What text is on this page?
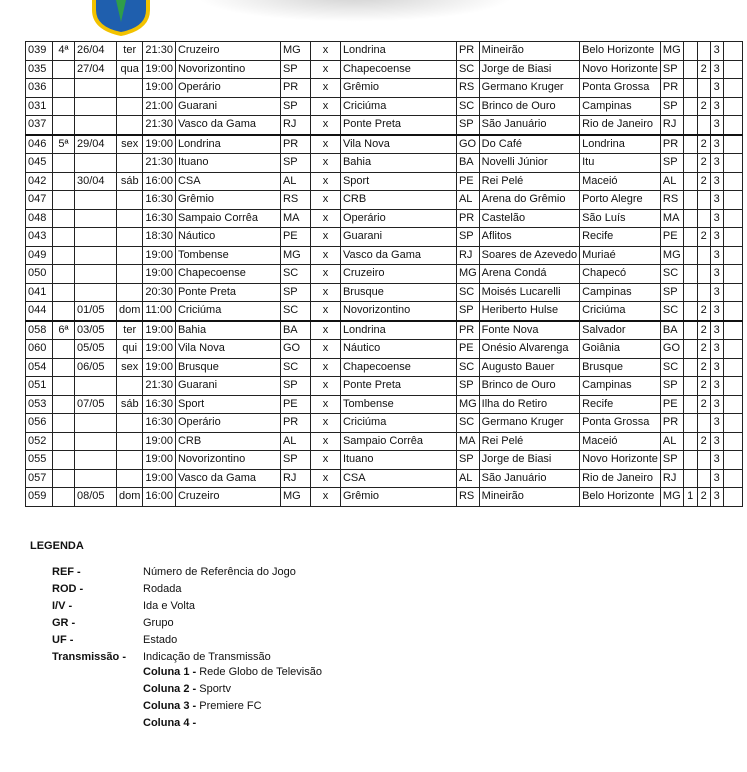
039	4ª	26/04	ter	21:30	Cruzeiro	MG	x	Londrina	PR	Mineirão	Belo Horizonte	MG			3	
035		27/04	qua	19:00	Novorizontino	SP	x	Chapecoense	SC	Jorge de Biasi	Novo Horizonte	SP		2	3	
036				19:00	Operário	PR	x	Grêmio	RS	Germano Kruger	Ponta Grossa	PR			3	
031				21:00	Guarani	SP	x	Criciúma	SC	Brinco de Ouro	Campinas	SP		2	3	
037				21:30	Vasco da Gama	RJ	x	Ponte Preta	SP	São Januário	Rio de Janeiro	RJ			3	
046	5ª	29/04	sex	19:00	Londrina	PR	x	Vila Nova	GO	Do Café	Londrina	PR		2	3	
045				21:30	Ituano	SP	x	Bahia	BA	Novelli Júnior	Itu	SP		2	3	
042		30/04	sáb	16:00	CSA	AL	x	Sport	PE	Rei Pelé	Maceió	AL		2	3	
047				16:30	Grêmio	RS	x	CRB	AL	Arena do Grêmio	Porto Alegre	RS			3	
048				16:30	Sampaio Corrêa	MA	x	Operário	PR	Castelão	São Luís	MA			3	
043				18:30	Náutico	PE	x	Guarani	SP	Aflitos	Recife	PE		2	3	
049				19:00	Tombense	MG	x	Vasco da Gama	RJ	Soares de Azevedo	Muriaé	MG			3	
050				19:00	Chapecoense	SC	x	Cruzeiro	MG	Arena Condá	Chapecó	SC			3	
041				20:30	Ponte Preta	SP	x	Brusque	SC	Moisés Lucarelli	Campinas	SP			3	
044		01/05	dom	11:00	Criciúma	SC	x	Novorizontino	SP	Heriberto Hulse	Criciúma	SC		2	3	
058	6ª	03/05	ter	19:00	Bahia	BA	x	Londrina	PR	Fonte Nova	Salvador	BA		2	3	
060		05/05	qui	19:00	Vila Nova	GO	x	Náutico	PE	Onésio Alvarenga	Goiânia	GO		2	3	
054		06/05	sex	19:00	Brusque	SC	x	Chapecoense	SC	Augusto Bauer	Brusque	SC		2	3	
051				21:30	Guarani	SP	x	Ponte Preta	SP	Brinco de Ouro	Campinas	SP		2	3	
053		07/05	sáb	16:30	Sport	PE	x	Tombense	MG	Ilha do Retiro	Recife	PE		2	3	
056				16:30	Operário	PR	x	Criciúma	SC	Germano Kruger	Ponta Grossa	PR			3	
052				19:00	CRB	AL	x	Sampaio Corrêa	MA	Rei Pelé	Maceió	AL		2	3	
055				19:00	Novorizontino	SP	x	Ituano	SP	Jorge de Biasi	Novo Horizonte	SP			3	
057				19:00	Vasco da Gama	RJ	x	CSA	AL	São Januário	Rio de Janeiro	RJ			3	
059		08/05	dom	16:00	Cruzeiro	MG	x	Grêmio	RS	Mineirão	Belo Horizonte	MG	1	2	3	
LEGENDA
REF -	Número de Referência do Jogo
ROD -	Rodada
I/V -	Ida e Volta
GR -	Grupo
UF -	Estado
Transmissão - Indicação de Transmissão
Coluna 1 - Rede Globo de Televisão
Coluna 2 - Sportv
Coluna 3 - Premiere FC
Coluna 4 -
